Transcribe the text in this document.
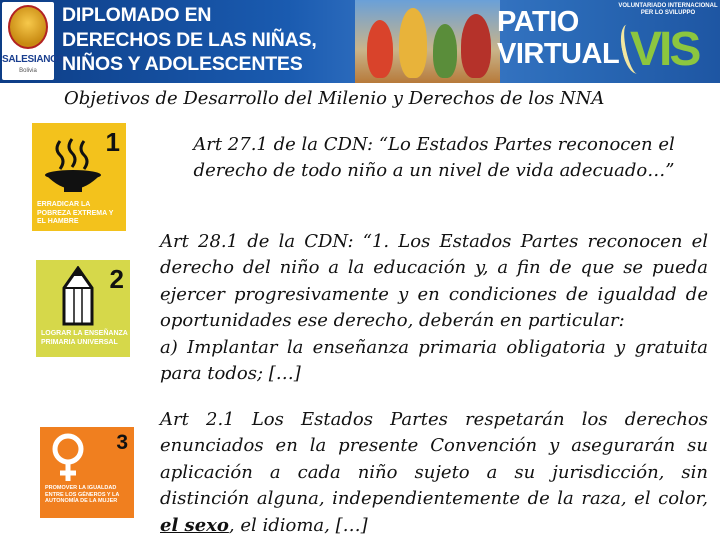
SALESIANOS
Bolivia
DIPLOMADO EN
DERECHOS DE LAS NIÑAS,
NIÑOS Y ADOLESCENTES
PATIO
VIRTUAL
VOLUNTARIADO INTERNACIONAL PER LO SVILUPPO
VIS
Objetivos de Desarrollo del Milenio y Derechos de los NNA
1
ERRADICAR LA POBREZA EXTREMA Y EL HAMBRE
2
LOGRAR LA ENSEÑANZA PRIMARIA UNIVERSAL
3
PROMOVER LA IGUALDAD ENTRE LOS GÉNEROS Y LA AUTONOMÍA DE LA MUJER
Art 27.1 de la CDN: “Lo Estados Partes reconocen el derecho de todo niño a un nivel de vida adecuado…”
Art 28.1 de la CDN: “1. Los Estados Partes reconocen el derecho del niño a la educación y, a fin de que se pueda ejercer progresivamente y en condiciones de igualdad de oportunidades ese derecho, deberán en particular:
a) Implantar la enseñanza primaria obligatoria y gratuita para todos; […]
Art 2.1 Los Estados Partes respetarán los derechos enunciados en la presente Convención y asegurarán su aplicación a cada niño sujeto a su jurisdicción, sin distinción alguna, independientemente de la raza, el color, el sexo, el idioma, […]
